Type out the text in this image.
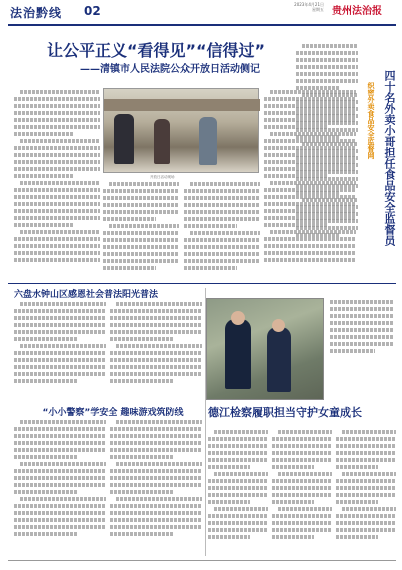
法治黔线 02	2023年4月21日
星期五 贵州法治报
让公平正义“看得见”“信得过”
——清镇市人民法院公众开放日活动侧记
开放日活动现场
织密外卖食品安全监督网 四十名外卖小哥担任食品安全监督员
六盘水钟山区感恩社会普法阳光普法
“小小警察”学安全 趣味游戏筑防线	德江检察履职担当守护女童成长
